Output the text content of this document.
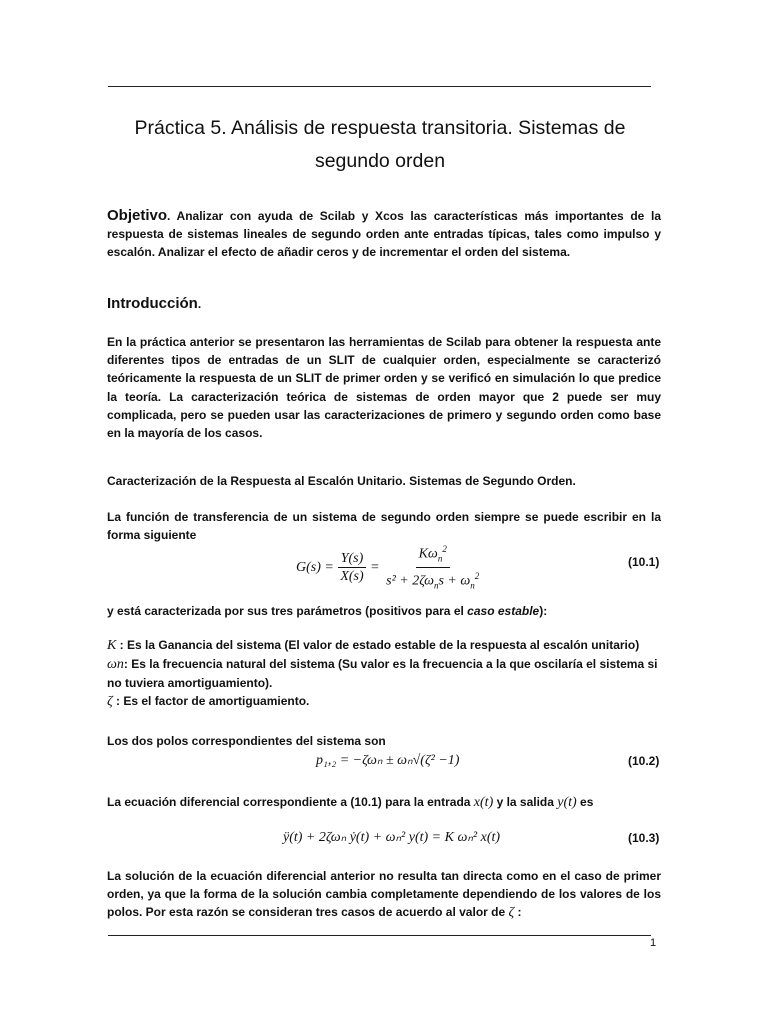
Práctica 5. Análisis de respuesta transitoria. Sistemas de segundo orden
Objetivo. Analizar con ayuda de Scilab y Xcos las características más importantes de la respuesta de sistemas lineales de segundo orden ante entradas típicas, tales como impulso y escalón. Analizar el efecto de añadir ceros y de incrementar el orden del sistema.
Introducción.
En la práctica anterior se presentaron las herramientas de Scilab para obtener la respuesta ante diferentes tipos de entradas de un SLIT de cualquier orden, especialmente se caracterizó teóricamente la respuesta de un SLIT de primer orden y se verificó en simulación lo que predice la teoría. La caracterización teórica de sistemas de orden mayor que 2 puede ser muy complicada, pero se pueden usar las caracterizaciones de primero y segundo orden como base en la mayoría de los casos.
Caracterización de la Respuesta al Escalón Unitario. Sistemas de Segundo Orden.
La función de transferencia de un sistema de segundo orden siempre se puede escribir en la forma siguiente
$G(s) = \frac{Y(s)}{X(s)} = \frac{K\omega_n^2}{s^2 + 2\zeta\omega_ns + \omega_n^2}$	(10.1)
y está caracterizada por sus tres parámetros (positivos para el caso estable):
K : Es la Ganancia del sistema (El valor de estado estable de la respuesta al escalón unitario)
ωn: Es la frecuencia natural del sistema (Su valor es la frecuencia a la que oscilaría el sistema si no tuviera amortiguamiento).
ζ : Es el factor de amortiguamiento.
Los dos polos correspondientes del sistema son
p₁,₂ = −ζωₙ ± ωₙ√(ζ² −1)	(10.2)
La ecuación diferencial correspondiente a (10.1) para la entrada x(t) y la salida y(t) es
ÿ(t) + 2ζωₙ ẏ(t) + ωₙ² y(t) = K ωₙ² x(t)	(10.3)
La solución de la ecuación diferencial anterior no resulta tan directa como en el caso de primer orden, ya que la forma de la solución cambia completamente dependiendo de los valores de los polos. Por esta razón se consideran tres casos de acuerdo al valor de ζ :
1
